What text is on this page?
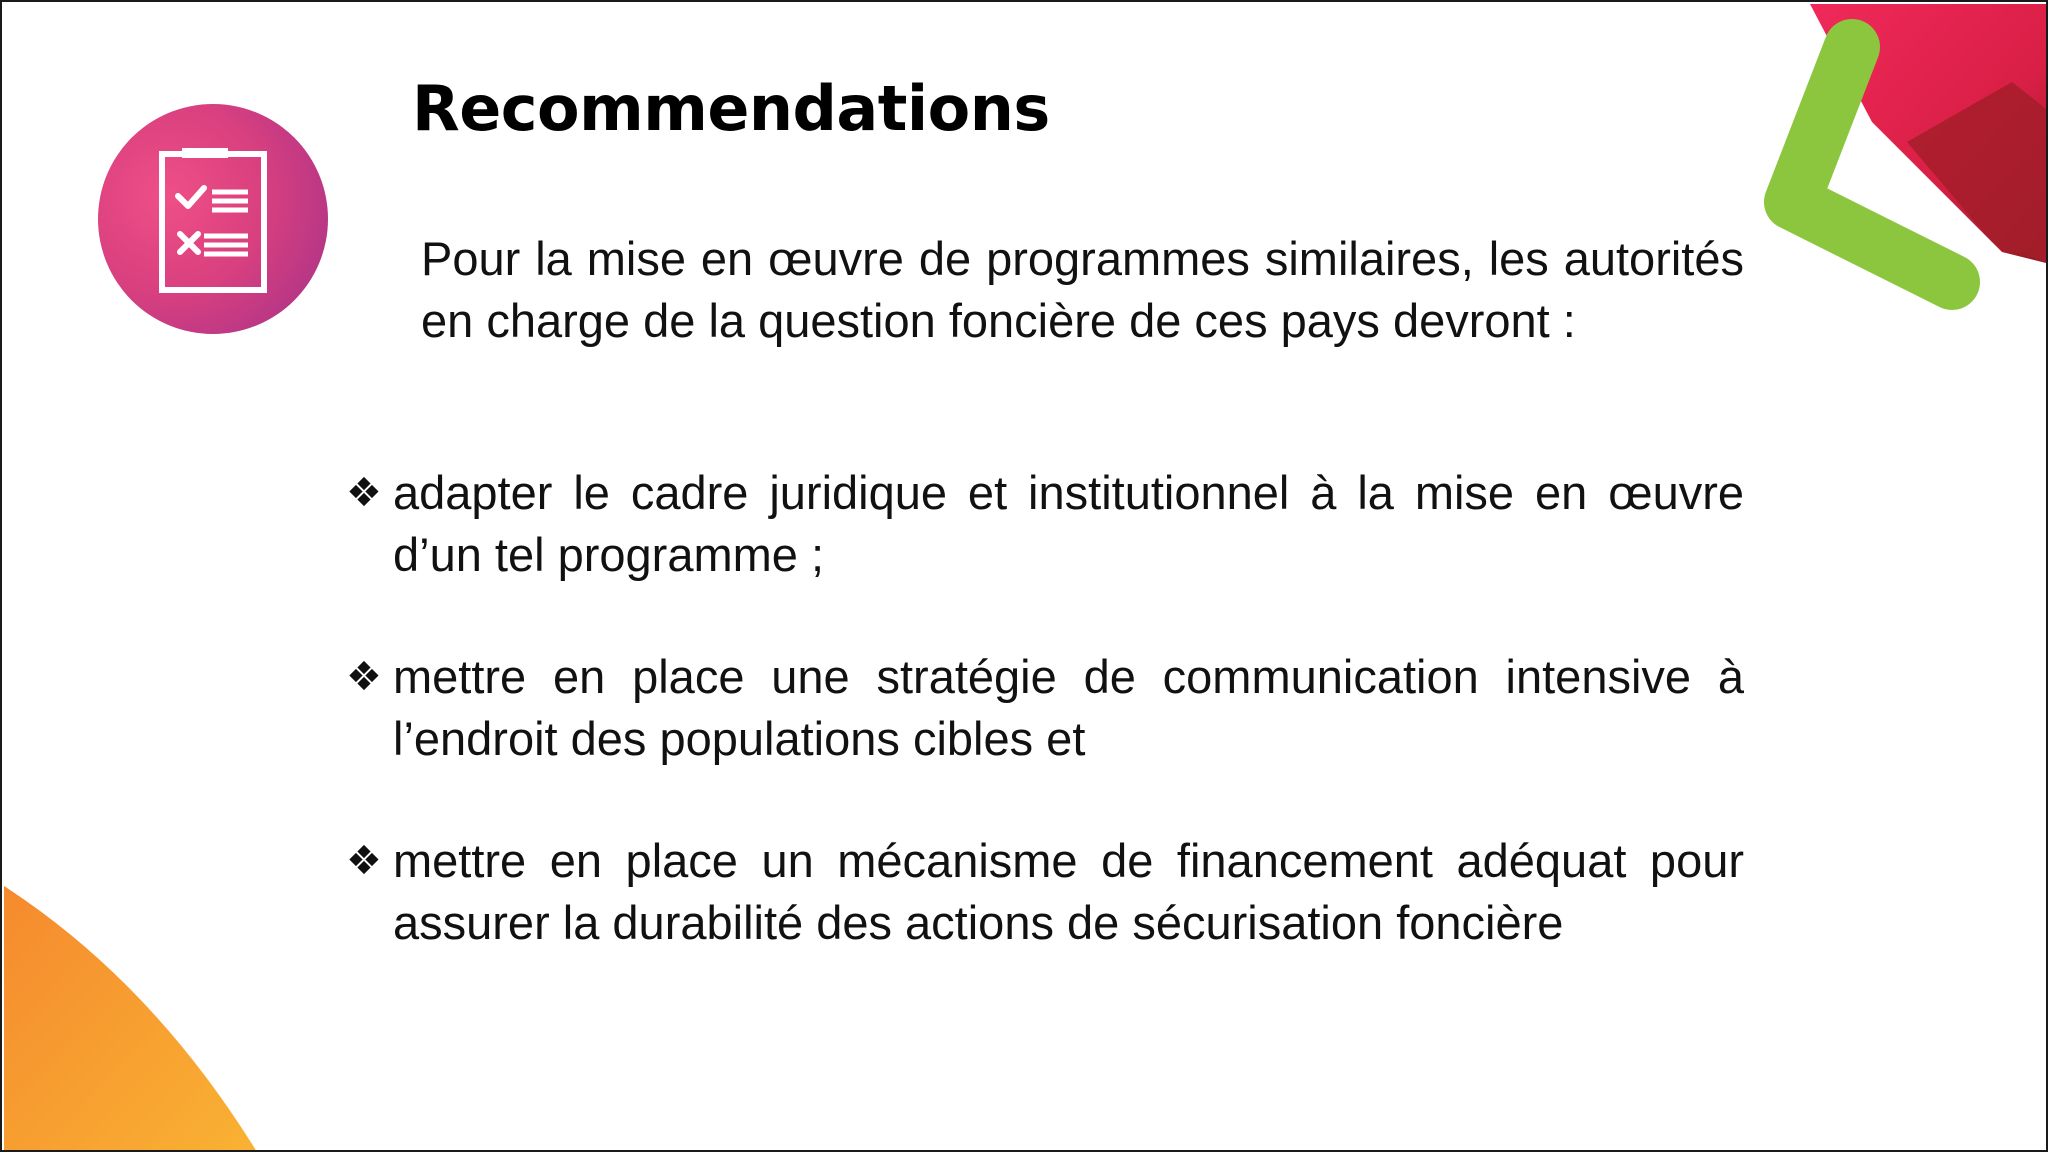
Recommendations
Pour la mise en œuvre de programmes similaires, les autorités en charge de la question foncière de ces pays devront :
❖ adapter le cadre juridique et institutionnel à la mise en œuvre d’un tel programme ;
❖ mettre en place une stratégie de communication intensive à l’endroit des populations cibles et
❖ mettre en place un mécanisme de financement adéquat pour assurer la durabilité des actions de sécurisation foncière
